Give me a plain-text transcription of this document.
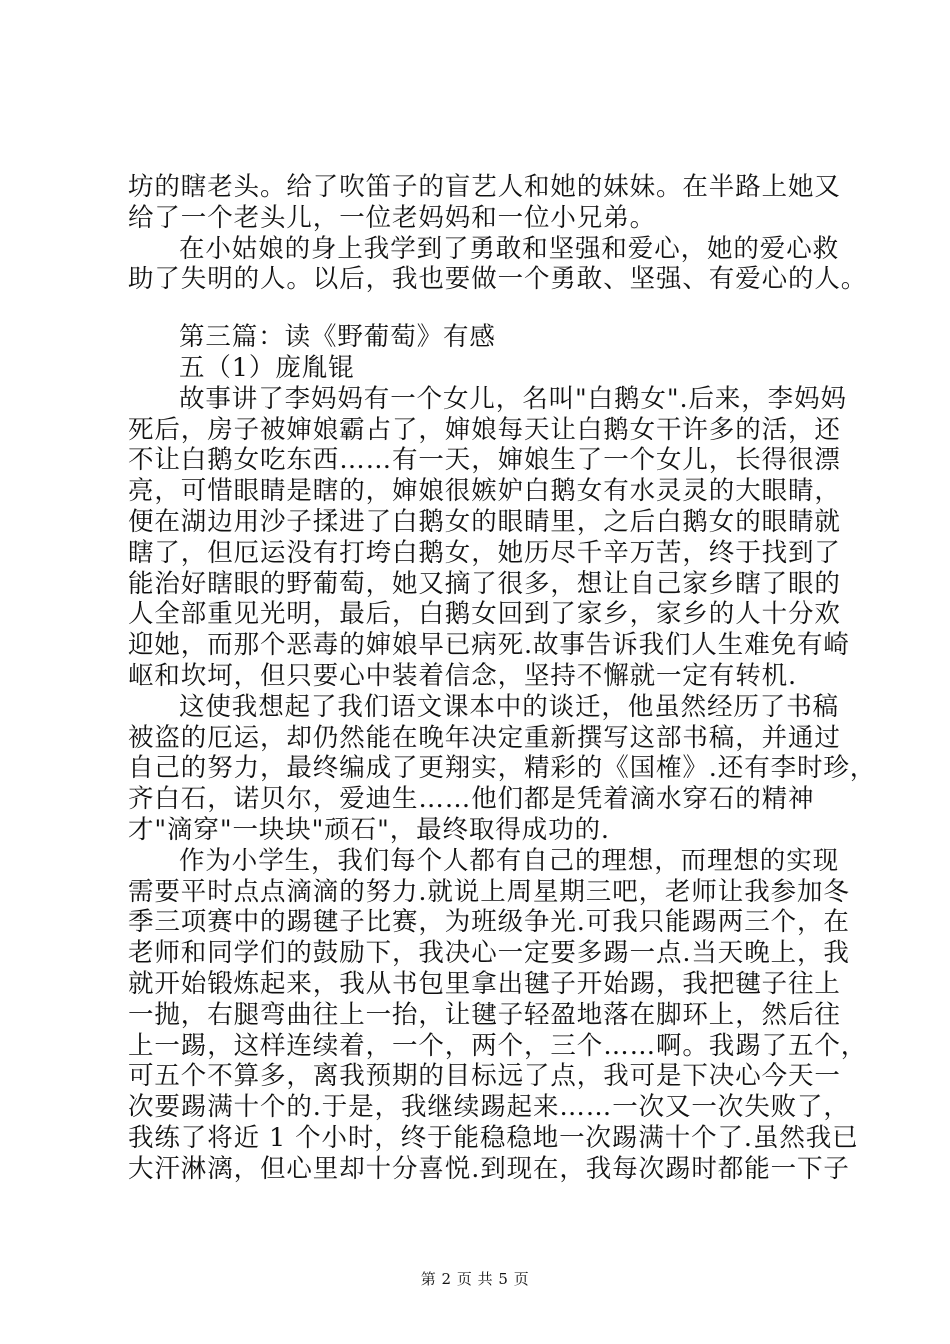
坊的瞎老头。给了吹笛子的盲艺人和她的妹妹。在半路上她又
给了一个老头儿，一位老妈妈和一位小兄弟。
在小姑娘的身上我学到了勇敢和坚强和爱心，她的爱心救
助了失明的人。以后，我也要做一个勇敢、坚强、有爱心的人。
第三篇：读《野葡萄》有感
五（1）庞胤锟
故事讲了李妈妈有一个女儿，名叫"白鹅女".后来，李妈妈
死后，房子被婶娘霸占了，婶娘每天让白鹅女干许多的活，还
不让白鹅女吃东西……有一天，婶娘生了一个女儿，长得很漂
亮，可惜眼睛是瞎的，婶娘很嫉妒白鹅女有水灵灵的大眼睛，
便在湖边用沙子揉进了白鹅女的眼睛里，之后白鹅女的眼睛就
瞎了，但厄运没有打垮白鹅女，她历尽千辛万苦，终于找到了
能治好瞎眼的野葡萄，她又摘了很多，想让自己家乡瞎了眼的
人全部重见光明，最后，白鹅女回到了家乡，家乡的人十分欢
迎她，而那个恶毒的婶娘早已病死.故事告诉我们人生难免有崎
岖和坎坷，但只要心中装着信念，坚持不懈就一定有转机.
这使我想起了我们语文课本中的谈迁，他虽然经历了书稿
被盗的厄运，却仍然能在晚年决定重新撰写这部书稿，并通过
自己的努力，最终编成了更翔实，精彩的《国榷》.还有李时珍，
齐白石，诺贝尔，爱迪生……他们都是凭着滴水穿石的精神
才"滴穿"一块块"顽石"，最终取得成功的.
作为小学生，我们每个人都有自己的理想，而理想的实现
需要平时点点滴滴的努力.就说上周星期三吧，老师让我参加冬
季三项赛中的踢毽子比赛，为班级争光.可我只能踢两三个，在
老师和同学们的鼓励下，我决心一定要多踢一点.当天晚上，我
就开始锻炼起来，我从书包里拿出毽子开始踢，我把毽子往上
一抛，右腿弯曲往上一抬，让毽子轻盈地落在脚环上，然后往
上一踢，这样连续着，一个，两个，三个……啊。我踢了五个，
可五个不算多，离我预期的目标远了点，我可是下决心今天一
次要踢满十个的.于是，我继续踢起来……一次又一次失败了，
我练了将近 1 个小时，终于能稳稳地一次踢满十个了.虽然我已
大汗淋漓，但心里却十分喜悦.到现在，我每次踢时都能一下子
第 2 页 共 5 页
